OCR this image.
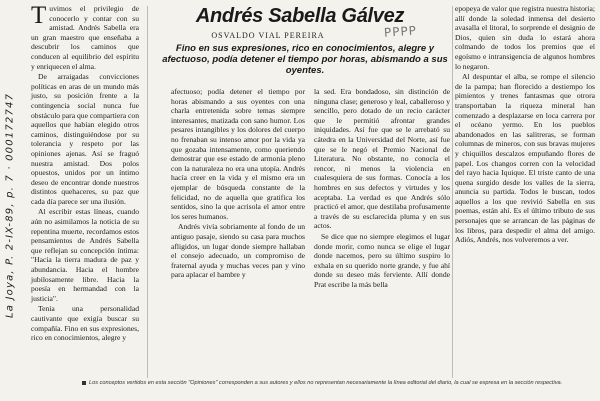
La Joya, P. 2-IX-89, p. 7 · 000172747
Andrés Sabella Gálvez
OSVALDO VIAL PEREIRA	PPPP

Fino en sus expresiones, rico en conocimientos, alegre y afectuoso, podía detener el tiempo por horas, abismando a sus oyentes.

Tuvimos el privilegio de conocerlo y contar con su amistad. Andrés Sabella era un gran maestro que enseñaba a descubrir los caminos que conducen al equilibrio del espíritu y enriquecen el alma.

De arraigadas convicciones políticas en aras de un mundo más justo, su posición frente a la contingencia social nunca fue obstáculo para que compartiera con aquellos que habían elegido otros caminos, distinguiéndose por su tolerancia y respeto por las opiniones ajenas. Así se fraguó nuestra amistad. Dos polos opuestos, unidos por un íntimo deseo de encontrar donde nuestros distintos quehaceres, su paz que cada día parece ser una ilusión.

Al escribir estas líneas, cuando aún no asimilamos la noticia de su repentina muerte, recordamos estos pensamientos de Andrés Sabella que reflejan su concepción íntima: "Hacia la tierra madura de paz y abundancia. Hacia el hombre jubilosamente libre. Hacia la poesía en hermandad con la justicia".

Tenía una personalidad cautivante que exigía buscar su compañía. Fino en sus expresiones, rico en conocimientos, alegre y

afectuoso; podía detener el tiempo por horas abismando a sus oyentes con una charla entretenida sobre temas siempre interesantes, matizada con sano humor. Los pesares intangibles y los dolores del cuerpo no frenaban su intenso amor por la vida ya que gozaba intensamente, como queriendo demostrar que ese estado de armonía pleno con la naturaleza no era una utopía. Andrés hacía creer en la vida y el mismo era un ejemplar de búsqueda constante de la felicidad, no de aquella que gratifica los sentidos, sino la que acrisola el amor entre los seres humanos.

Andrés vivía sobriamente al fondo de un antiguo pasaje, siendo su casa para muchos afligidos, un lugar donde siempre hallaban el consejo adecuado, un compromiso de fraternal ayuda y muchas veces pan y vino para aplacar el hambre y

la sed. Era bondadoso, sin distinción de ninguna clase; generoso y leal, caballeroso y sencillo, pero dotado de un recio carácter que le permitió afrontar grandes iniquidades. Así fue que se le arrebató su cátedra en la Universidad del Norte, así fue que se le negó el Premio Nacional de Literatura. No obstante, no conocía el rencor, ni menos la violencia en cualesquiera de sus formas. Conocía a los hombres en sus defectos y virtudes y los aceptaba. La verdad es que Andrés sólo practicó el amor, que destilaba profusamente a través de su esclarecida pluma y en sus actos.

Se dice que no siempre elegimos el lugar donde morir, como nunca se elige el lugar donde nacemos, pero su último suspiro lo exhala en su querido norte grande, y fue ahí donde su deseo más ferviente. Allí donde Prat escribe la más bella

epopeya de valor que registra nuestra historia; allí donde la soledad inmensa del desierto avasalla el litoral, lo sorprende el designio de Dios, quien sin duda lo estará ahora colmando de todos los premios que el egoísmo e intransigencia de algunos hombres lo negaron.

Al despuntar el alba, se rompe el silencio de la pampa; han florecido a destiempo los pimientos y trenes fantasmas que otrora transportaban la riqueza mineral han comenzado a desplazarse en loca carrera por el océano yermo. En los pueblos abandonados en las salitreras, se forman columnas de mineros, con sus bravas mujeres y chiquillos descalzos empuñando flores de papel. Los changos corren con la velocidad del rayo hacia Iquique. El triste canto de una quena surgido desde los valles de la sierra, anuncia su partida. Todos le buscan, todos aquellos a los que revivió Sabella en sus poemas, están ahí. Es el último tributo de sus personajes que se arrancan de las páginas de los libros, para despedir el alma del amigo. Adiós, Andrés, nos volveremos a ver.

Los conceptos vertidos en esta sección "Opiniones" corresponden a sus autores y ellos no representan necesariamente la línea editorial del diario, la cual se expresa en la sección respectiva.
